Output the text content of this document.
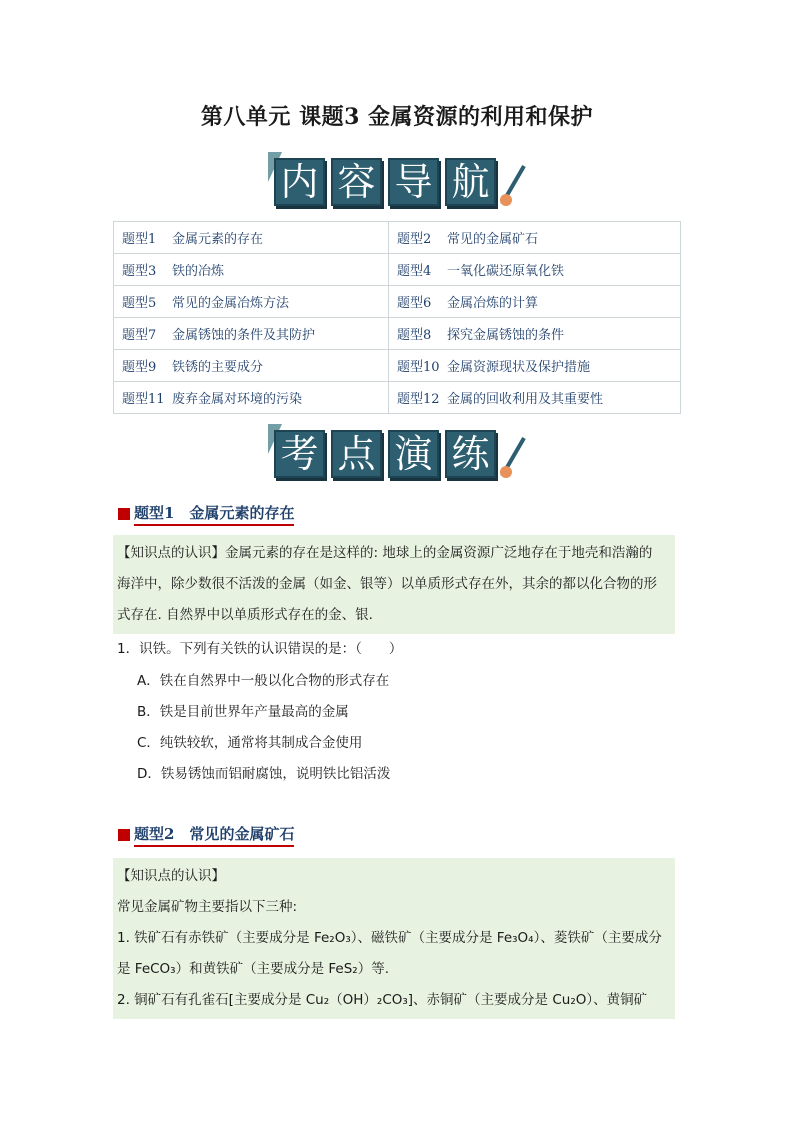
第八单元 课题3 金属资源的利用和保护
内 容 导 航
题型1 金属元素的存在	题型2 常见的金属矿石
题型3 铁的冶炼	题型4 一氧化碳还原氧化铁
题型5 常见的金属冶炼方法	题型6 金属冶炼的计算
题型7 金属锈蚀的条件及其防护	题型8 探究金属锈蚀的条件
题型9 铁锈的主要成分	题型10 金属资源现状及保护措施
题型11 废弃金属对环境的污染	题型12 金属的回收利用及其重要性
考 点 演 练
题型1　金属元素的存在

【知识点的认识】金属元素的存在是这样的: 地球上的金属资源广泛地存在于地壳和浩瀚的

海洋中，除少数很不活泼的金属（如金、银等）以单质形式存在外，其余的都以化合物的形

式存在. 自然界中以单质形式存在的金、银.

1．识铁。下列有关铁的认识错误的是：（　　）
A．铁在自然界中一般以化合物的形式存在
B．铁是目前世界年产量最高的金属
C．纯铁较软，通常将其制成合金使用
D．铁易锈蚀而铝耐腐蚀，说明铁比铝活泼
题型2　常见的金属矿石

【知识点的认识】

常见金属矿物主要指以下三种:

1. 铁矿石有赤铁矿（主要成分是 Fe₂O₃）、磁铁矿（主要成分是 Fe₃O₄）、菱铁矿（主要成分

是 FeCO₃）和黄铁矿（主要成分是 FeS₂）等.

2. 铜矿石有孔雀石[主要成分是 Cu₂（OH）₂CO₃]、赤铜矿（主要成分是 Cu₂O）、黄铜矿
